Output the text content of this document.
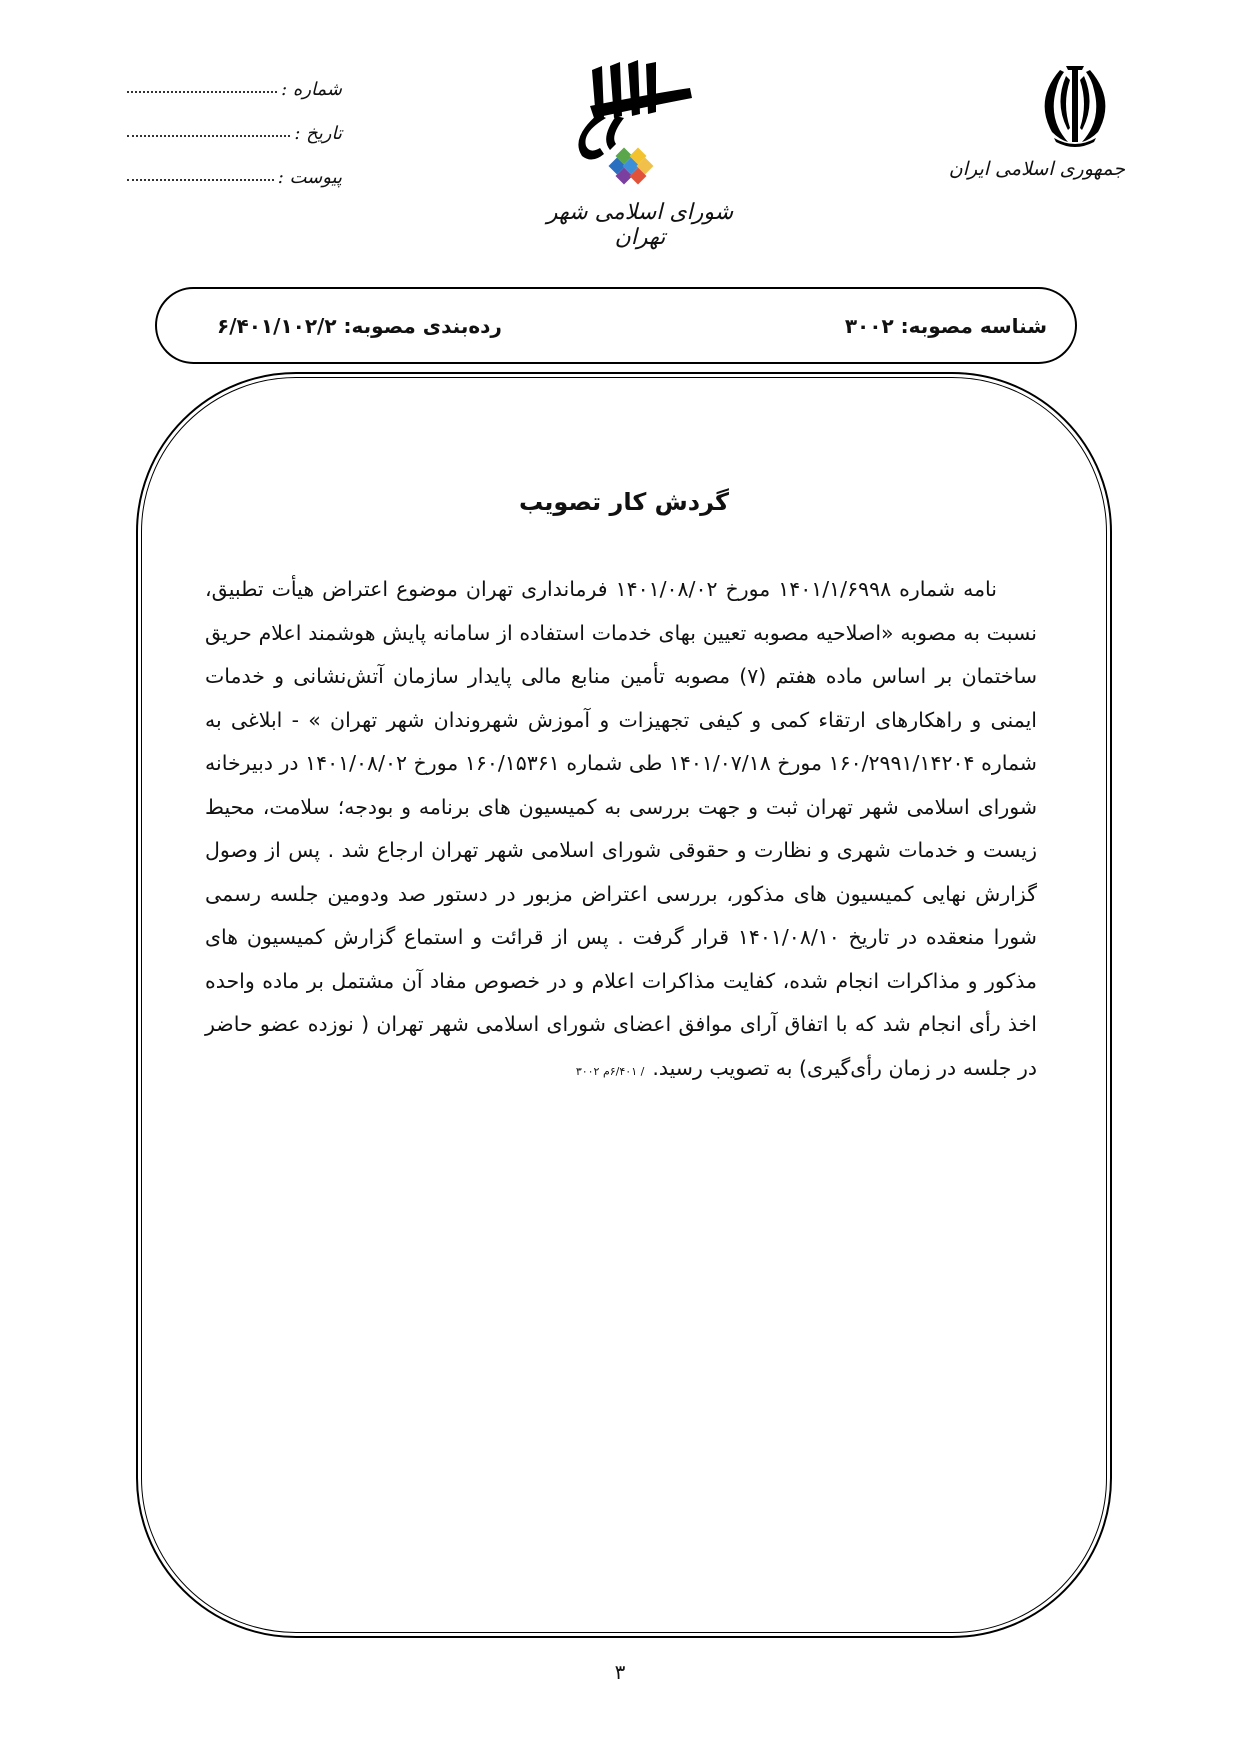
شماره :
تاریخ :
پیوست :
شورای اسلامی شهر تهران
جمهوری اسلامی ایران
شناسه مصوبه: ۳۰۰۲
رده‌بندی مصوبه: ۶/۴۰۱/۱۰۲/۲
گردش کار تصویب
نامه شماره ۱۴۰۱/۱/۶۹۹۸ مورخ ۱۴۰۱/۰۸/۰۲ فرمانداری تهران موضوع اعتراض هیأت تطبیق، نسبت به مصوبه «اصلاحیه مصوبه تعیین بهای خدمات استفاده از سامانه پایش هوشمند اعلام حریق ساختمان بر اساس ماده هفتم (۷) مصوبه تأمین منابع مالی پایدار سازمان آتش‌نشانی و خدمات ایمنی و راهکارهای ارتقاء کمی و کیفی تجهیزات و آموزش شهروندان شهر تهران » - ابلاغی به شماره ۱۶۰/۲۹۹۱/۱۴۲۰۴ مورخ ۱۴۰۱/۰۷/۱۸ طی شماره ۱۶۰/۱۵۳۶۱ مورخ ۱۴۰۱/۰۸/۰۲ در دبیرخانه شورای اسلامی شهر تهران ثبت و جهت بررسی به کمیسیون های برنامه و بودجه؛ سلامت، محیط زیست و خدمات شهری و نظارت و حقوقی شورای اسلامی شهر تهران ارجاع شد . پس از وصول گزارش نهایی کمیسیون های مذکور، بررسی اعتراض مزبور در دستور صد ودومین جلسه رسمی شورا منعقده در تاریخ ۱۴۰۱/۰۸/۱۰ قرار گرفت . پس از قرائت و استماع گزارش کمیسیون های مذکور و مذاکرات انجام شده، کفایت مذاکرات اعلام و در خصوص مفاد آن مشتمل بر ماده واحده اخذ رأی انجام شد که با اتفاق آرای موافق اعضای شورای اسلامی شهر تهران ( نوزده عضو حاضر در جلسه در زمان رأی‌گیری) به تصویب رسید./ ۶/۴۰۱م ۳۰۰۲
۳
